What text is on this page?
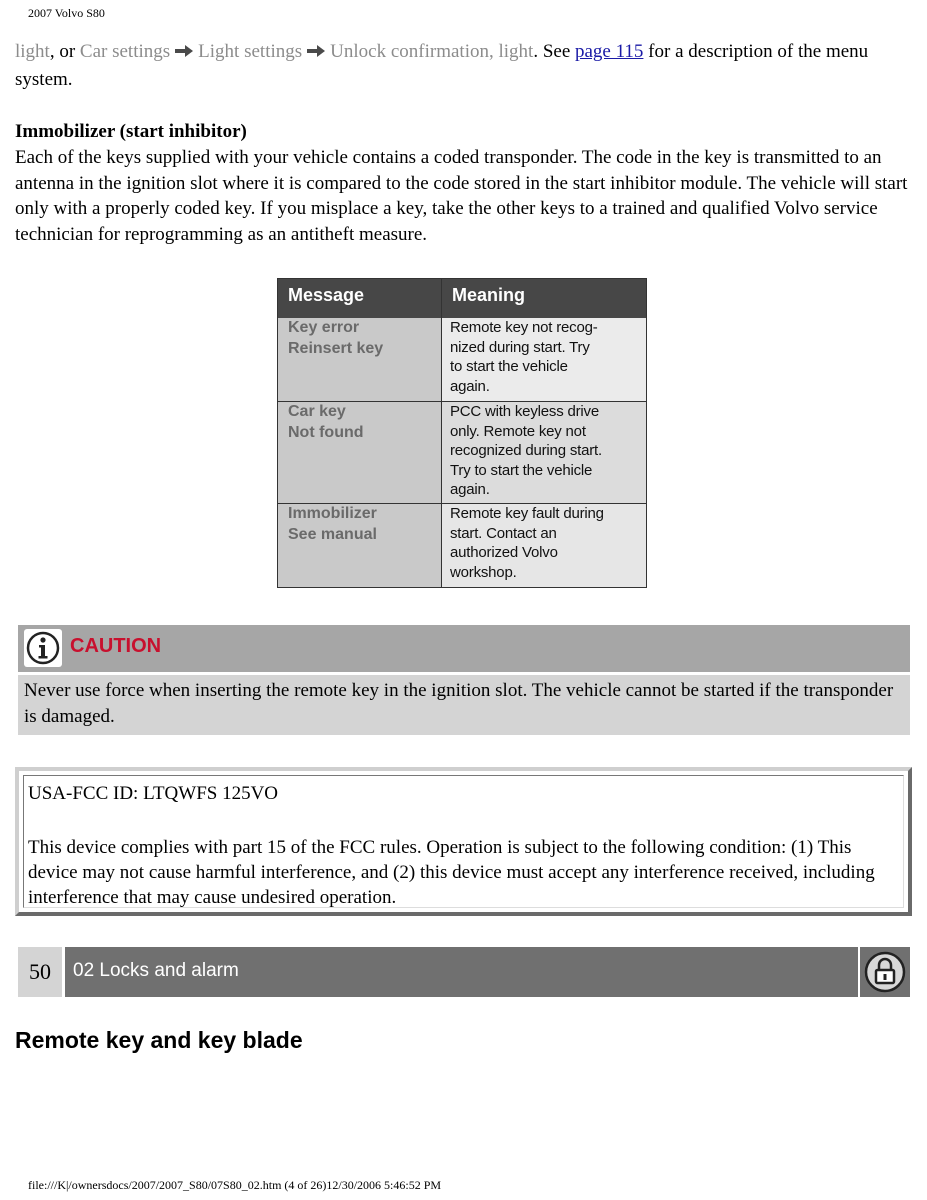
2007 Volvo S80
light, or Car settings Light settings Unlock confirmation, light. See page 115 for a description of the menu system.
Immobilizer (start inhibitor)
Each of the keys supplied with your vehicle contains a coded transponder. The code in the key is transmitted to an antenna in the ignition slot where it is compared to the code stored in the start inhibitor module. The vehicle will start only with a properly coded key. If you misplace a key, take the other keys to a trained and qualified Volvo service technician for reprogramming as an antitheft measure.
Message	Meaning
Key error
Reinsert key
Remote key not recog-
nized during start. Try
to start the vehicle
again.
Car key
Not found
PCC with keyless drive
only. Remote key not
recognized during start.
Try to start the vehicle
again.
Immobilizer
See manual
Remote key fault during
start. Contact an
authorized Volvo
workshop.
CAUTION
Never use force when inserting the remote key in the ignition slot. The vehicle cannot be started if the transponder is damaged.
USA-FCC ID: LTQWFS 125VO
This device complies with part 15 of the FCC rules. Operation is subject to the following condition: (1) This device may not cause harmful interference, and (2) this device must accept any interference received, including interference that may cause undesired operation.
50	02 Locks and alarm
Remote key and key blade
file:///K|/ownersdocs/2007/2007_S80/07S80_02.htm (4 of 26)12/30/2006 5:46:52 PM
